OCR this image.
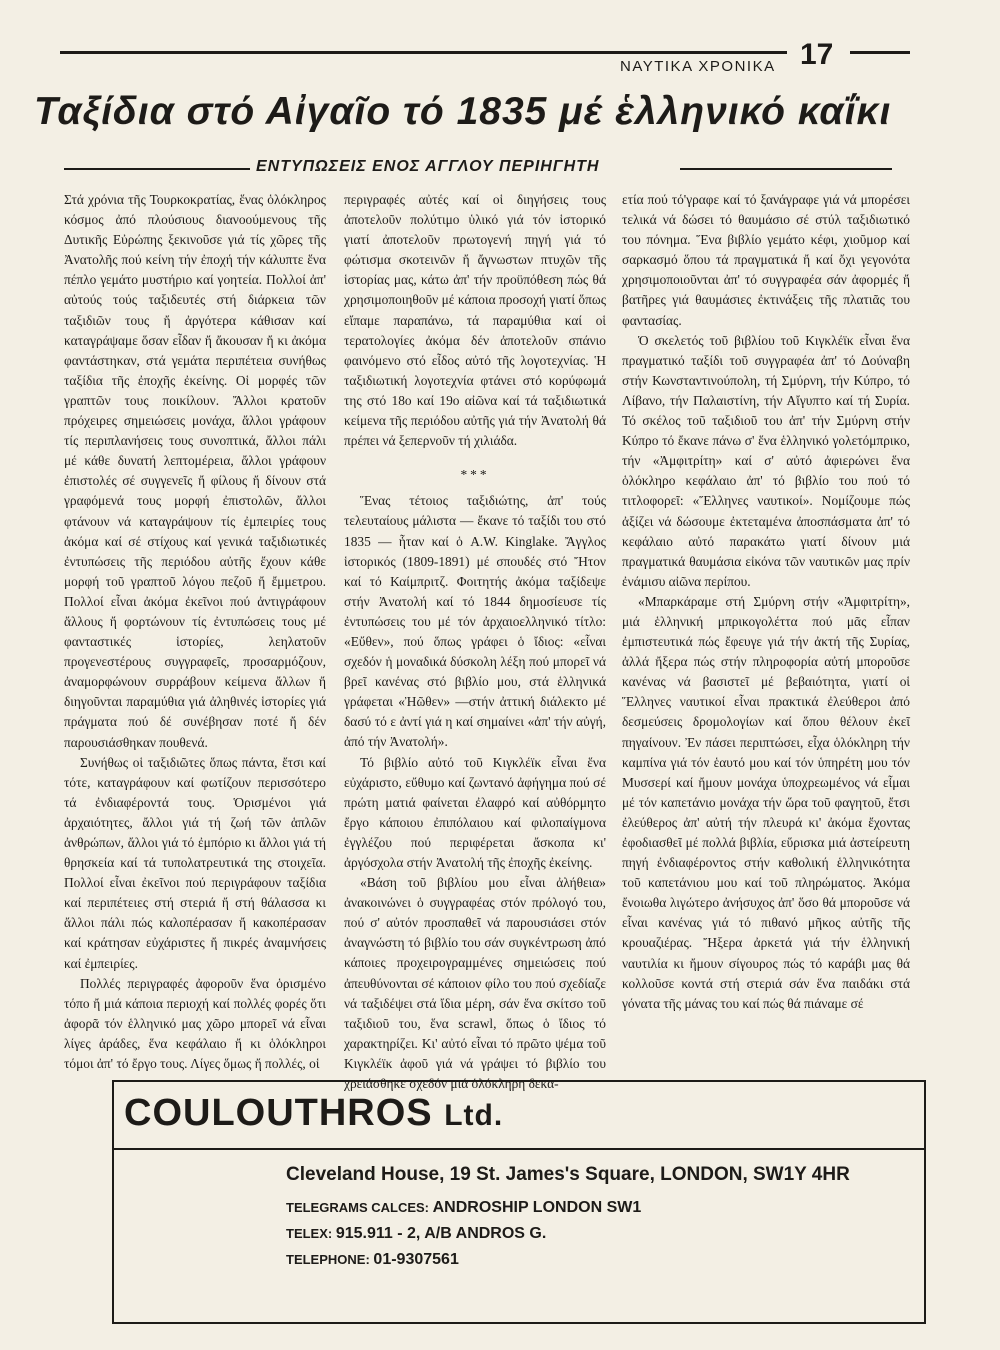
ΝΑΥΤΙΚΑ ΧΡΟΝΙΚΑ 17
Ταξίδια στό Αἰγαῖο τό 1835 μέ ἑλληνικό καΐκι
ΕΝΤΥΠΩΣΕΙΣ ΕΝΟΣ ΑΓΓΛΟΥ ΠΕΡΙΗΓΗΤΗ

Στά χρόνια τῆς Τουρκοκρατίας, ἕνας ὁλόκληρος κόσμος ἀπό πλούσιους διανοούμενους τῆς Δυτικῆς Εὐρώπης ξεκινοῦσε γιά τίς χῶρες τῆς Ἀνατολῆς πού κείνη τήν ἐποχή τήν κάλυπτε ἕνα πέπλο γεμάτο μυστήριο καί γοητεία. Πολλοί ἀπ' αὐτούς τούς ταξιδευτές στή διάρκεια τῶν ταξιδιῶν τους ἤ ἀργότερα κάθισαν καί καταγράψαμε ὅσαν εἶδαν ἤ ἄκουσαν ἤ κι ἀκόμα φαντάστηκαν, στά γεμάτα περιπέτεια συνήθως ταξίδια τῆς ἐποχῆς ἐκείνης. Οἱ μορφές τῶν γραπτῶν τους ποικίλουν. Ἄλλοι κρατοῦν πρόχειρες σημειώσεις μονάχα, ἄλλοι γράφουν τίς περιπλανήσεις τους συνοπτικά, ἄλλοι πάλι μέ κάθε δυνατή λεπτομέρεια, ἄλλοι γράφουν ἐπιστολές σέ συγγενεῖς ἤ φίλους ἤ δίνουν στά γραφόμενά τους μορφή ἐπιστολῶν, ἄλλοι φτάνουν νά καταγράψουν τίς ἐμπειρίες τους ἀκόμα καί σέ στίχους καί γενικά ταξιδιωτικές ἐντυπώσεις τῆς περιόδου αὐτῆς ἔχουν κάθε μορφή τοῦ γραπτοῦ λόγου πεζοῦ ἤ ἔμμετρου. Πολλοί εἶναι ἀκόμα ἐκεῖνοι πού ἀντιγράφουν ἄλλους ἤ φορτώνουν τίς ἐντυπώσεις τους μέ φανταστικές ἱστορίες, λεηλατοῦν προγενεστέρους συγγραφεῖς, προσαρμόζουν, ἀναμορφώνουν συρράβουν κείμενα ἄλλων ἤ διηγοῦνται παραμύθια γιά ἀληθινές ἱστορίες γιά πράγματα πού δέ συνέβησαν ποτέ ἤ δέν παρουσιάσθηκαν πουθενά.

Συνήθως οἱ ταξιδιῶτες ὅπως πάντα, ἔτσι καί τότε, καταγράφουν καί φωτίζουν περισσότερο τά ἐνδιαφέροντά τους. Ὁρισμένοι γιά ἀρχαιότητες, ἄλλοι γιά τή ζωή τῶν ἁπλῶν ἀνθρώπων, ἄλλοι γιά τό ἐμπόριο κι ἄλλοι γιά τή θρησκεία καί τά τυπολατρευτικά της στοιχεῖα. Πολλοί εἶναι ἐκεῖνοι πού περιγράφουν ταξίδια καί περιπέτειες στή στεριά ἤ στή θάλασσα κι ἄλλοι πάλι πώς καλοπέρασαν ἤ κακοπέρασαν καί κράτησαν εὐχάριστες ἤ πικρές ἀναμνήσεις καί ἐμπειρίες.

Πολλές περιγραφές ἀφοροῦν ἕνα ὁρισμένο τόπο ἤ μιά κάποια περιοχή καί πολλές φορές ὅτι ἀφορᾶ τόν ἑλληνικό μας χῶρο μπορεῖ νά εἶναι λίγες ἀράδες, ἕνα κεφάλαιο ἤ κι ὁλόκληροι τόμοι ἀπ' τό ἔργο τους. Λίγες ὅμως ἤ πολλές, οἱ

περιγραφές αὐτές καί οἱ διηγήσεις τους ἀποτελοῦν πολύτιμο ὑλικό γιά τόν ἱστορικό γιατί ἀποτελοῦν πρωτογενή πηγή γιά τό φώτισμα σκοτεινῶν ἤ ἄγνωστων πτυχῶν τῆς ἱστορίας μας, κάτω ἀπ' τήν προϋπόθεση πώς θά χρησιμοποιηθοῦν μέ κάποια προσοχή γιατί ὅπως εἴπαμε παραπάνω, τά παραμύθια καί οἱ τερατολογίες ἀκόμα δέν ἀποτελοῦν σπάνιο φαινόμενο στό εἶδος αὐτό τῆς λογοτεχνίας. Ἡ ταξιδιωτική λογοτεχνία φτάνει στό κορύφωμά της στό 18ο καί 19ο αἰῶνα καί τά ταξιδιωτικά κείμενα τῆς περιόδου αὐτῆς γιά τήν Ἀνατολή θά πρέπει νά ξεπερνοῦν τή χιλιάδα.

***

Ἕνας τέτοιος ταξιδιώτης, ἀπ' τούς τελευταίους μάλιστα — ἔκανε τό ταξίδι του στό 1835 — ἦταν καί ὁ A.W. Kinglake. Ἄγγλος ἱστορικός (1809-1891) μέ σπουδές στό Ἤτον καί τό Καίμπριτζ. Φοιτητής ἀκόμα ταξίδεψε στήν Ἀνατολή καί τό 1844 δημοσίευσε τίς ἐντυπώσεις του μέ τόν ἀρχαιοελληνικό τίτλο: «Εὔθεν», πού ὅπως γράφει ὁ ἴδιος: «εἶναι σχεδόν ἡ μοναδικά δύσκολη λέξη πού μπορεῖ νά βρεῖ κανένας στό βιβλίο μου, στά ἑλληνικά γράφεται «Ἠῶθεν» —στήν ἀττική διάλεκτο μέ δασύ τό ε ἀντί γιά η καί σημαίνει «ἀπ' τήν αὐγή, ἀπό τήν Ἀνατολή».

Τό βιβλίο αὐτό τοῦ Κιγκλέϊκ εἶναι ἕνα εὐχάριστο, εὔθυμο καί ζωντανό ἀφήγημα πού σέ πρώτη ματιά φαίνεται ἐλαφρό καί αὐθόρμητο ἔργο κάποιου ἐπιπόλαιου καί φιλοπαίγμονα ἐγγλέζου πού περιφέρεται ἄσκοπα κι' ἀργόσχολα στήν Ἀνατολή τῆς ἐποχῆς ἐκείνης.

«Βάση τοῦ βιβλίου μου εἶναι ἀλήθεια» ἀνακοινώνει ὁ συγγραφέας στόν πρόλογό του, πού σ' αὐτόν προσπαθεῖ νά παρουσιάσει στόν ἀναγνώστη τό βιβλίο του σάν συγκέντρωση ἀπό κάποιες προχειρογραμμένες σημειώσεις πού ἀπευθύνονται σέ κάποιον φίλο του πού σχεδίαζε νά ταξιδέψει στά ἴδια μέρη, σάν ἕνα σκίτσο τοῦ ταξιδιοῦ του, ἕνα scrawl, ὅπως ὁ ἴδιος τό χαρακτηρίζει. Κι' αὐτό εἶναι τό πρῶτο ψέμα τοῦ Κιγκλέϊκ ἀφοῦ γιά νά γράψει τό βιβλίο του χρειάσθηκε σχεδόν μιά ὁλόκληρη δεκα-

ετία πού τό'γραφε καί τό ξανάγραφε γιά νά μπορέσει τελικά νά δώσει τό θαυμάσιο σέ στύλ ταξιδιωτικό του πόνημα. Ἕνα βιβλίο γεμάτο κέφι, χιοῦμορ καί σαρκασμό ὅπου τά πραγματικά ἤ καί ὄχι γεγονότα χρησιμοποιοῦνται ἀπ' τό συγγραφέα σάν ἀφορμές ἤ βατῆρες γιά θαυμάσιες ἐκτινάξεις τῆς πλατιᾶς του φαντασίας.

Ὁ σκελετός τοῦ βιβλίου τοῦ Κιγκλέϊκ εἶναι ἕνα πραγματικό ταξίδι τοῦ συγγραφέα ἀπ' τό Δούναβη στήν Κωνσταντινούπολη, τή Σμύρνη, τήν Κύπρο, τό Λίβανο, τήν Παλαιστίνη, τήν Αἴγυπτο καί τή Συρία. Τό σκέλος τοῦ ταξιδιοῦ του ἀπ' τήν Σμύρνη στήν Κύπρο τό ἔκανε πάνω σ' ἕνα ἑλληνικό γολετόμπρικο, τήν «Ἀμφιτρίτη» καί σ' αὐτό ἀφιερώνει ἕνα ὁλόκληρο κεφάλαιο ἀπ' τό βιβλίο του πού τό τιτλοφορεῖ: «Ἕλληνες ναυτικοί». Νομίζουμε πώς ἀξίζει νά δώσουμε ἐκτεταμένα ἀποσπάσματα ἀπ' τό κεφάλαιο αὐτό παρακάτω γιατί δίνουν μιά πραγματικά θαυμάσια εἰκόνα τῶν ναυτικῶν μας πρίν ἐνάμισυ αἰῶνα περίπου.

«Μπαρκάραμε στή Σμύρνη στήν «Ἀμφιτρίτη», μιά ἑλληνική μπρικογολέττα πού μᾶς εἶπαν ἐμπιστευτικά πώς ἔφευγε γιά τήν ἀκτή τῆς Συρίας, ἀλλά ἤξερα πώς στήν πληροφορία αὐτή μποροῦσε κανένας νά βασιστεῖ μέ βεβαιότητα, γιατί οἱ Ἕλληνες ναυτικοί εἶναι πρακτικά ἐλεύθεροι ἀπό δεσμεύσεις δρομολογίων καί ὅπου θέλουν ἐκεῖ πηγαίνουν. Ἐν πάσει περιπτώσει, εἶχα ὁλόκληρη τήν καμπίνα γιά τόν ἑαυτό μου καί τόν ὑπηρέτη μου τόν Μυσσερί καί ἤμουν μονάχα ὑποχρεωμένος νά εἶμαι μέ τόν καπετάνιο μονάχα τήν ὥρα τοῦ φαγητοῦ, ἔτσι ἐλεύθερος ἀπ' αὐτή τήν πλευρά κι' ἀκόμα ἔχοντας ἐφοδιασθεῖ μέ πολλά βιβλία, εὕρισκα μιά ἀστείρευτη πηγή ἐνδιαφέροντος στήν καθολική ἑλληνικότητα τοῦ καπετάνιου μου καί τοῦ πληρώματος. Ἀκόμα ἔνοιωθα λιγώτερο ἀνήσυχος ἀπ' ὅσο θά μποροῦσε νά εἶναι κανένας γιά τό πιθανό μῆκος αὐτῆς τῆς κρουαζιέρας. Ἤξερα ἀρκετά γιά τήν ἑλληνική ναυτιλία κι ἤμουν σίγουρος πώς τό καράβι μας θά κολλοῦσε κοντά στή στεριά σάν ἕνα παιδάκι στά γόνατα τῆς μάνας του καί πώς θά πιάναμε σέ

COULOUTHROS Ltd.
Cleveland House, 19 St. James's Square, LONDON, SW1Y 4HR
TELEGRAMS CALCES: ANDROSHIP LONDON SW1
TELEX: 915.911 - 2, A/B ANDROS G.
TELEPHONE: 01-9307561
